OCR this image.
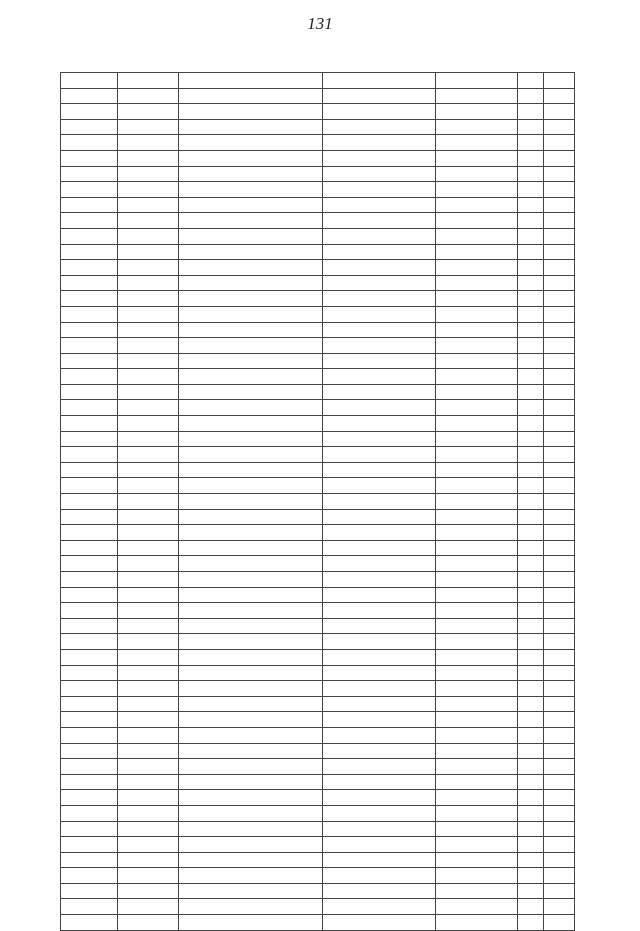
131
